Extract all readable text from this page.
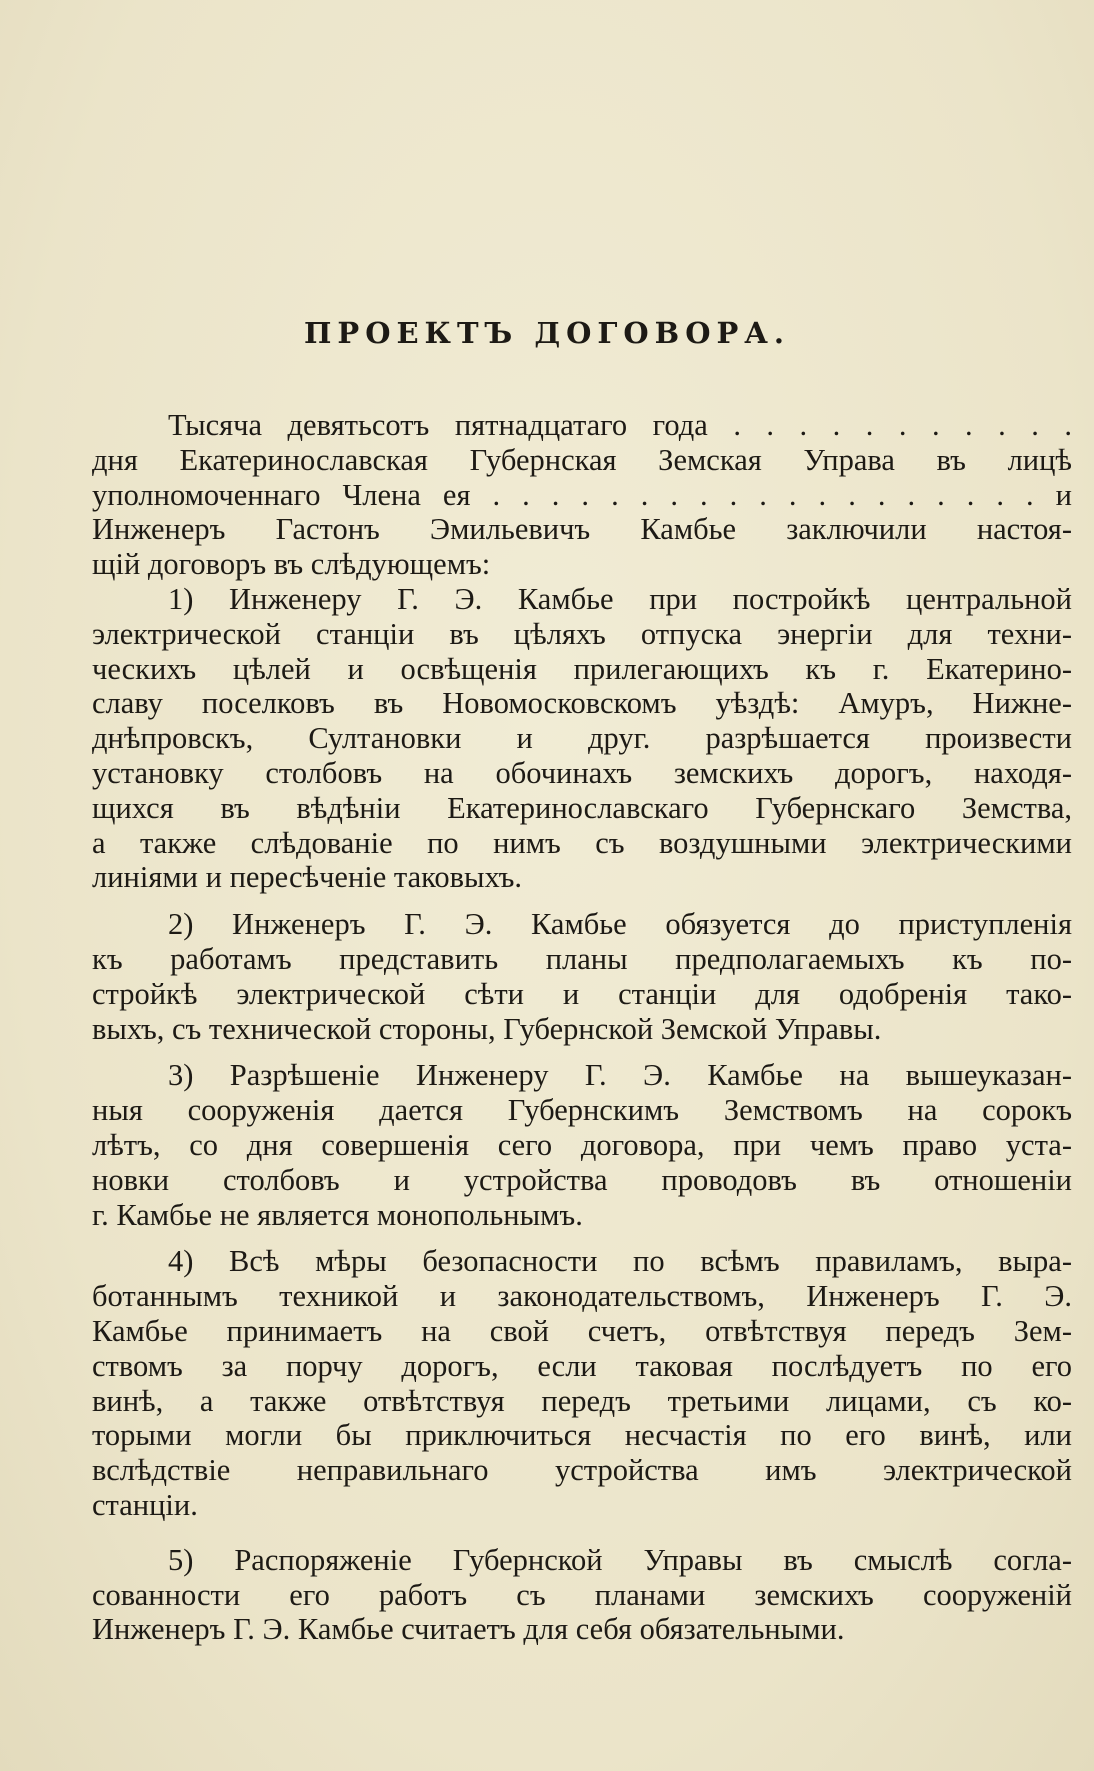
ПРОЕКТЪ ДОГОВОРА.

Тысяча девятьсотъ пятнадцатаго года . . . . . . . . . . .
дня Екатеринославская Губернская Земская Управа въ лицѣ
уполномоченнаго Члена ея . . . . . . . . . . . . . . . . . . . и
Инженеръ Гастонъ Эмильевичъ Камбье заключили настоя-
щій договоръ въ слѣдующемъ:

1) Инженеру Г. Э. Камбье при постройкѣ центральной
электрической станціи въ цѣляхъ отпуска энергіи для техни-
ческихъ цѣлей и освѣщенія прилегающихъ къ г. Екатерино-
славу поселковъ въ Новомосковскомъ уѣздѣ: Амуръ, Нижне-
днѣпровскъ, Султановки и друг. разрѣшается произвести
установку столбовъ на обочинахъ земскихъ дорогъ, находя-
щихся въ вѣдѣніи Екатеринославскаго Губернскаго Земства,
а также слѣдованіе по нимъ съ воздушными электрическими
линіями и пересѣченіе таковыхъ.

2) Инженеръ Г. Э. Камбье обязуется до приступленія
къ работамъ представить планы предполагаемыхъ къ по-
стройкѣ электрической сѣти и станціи для одобренія тако-
выхъ, съ технической стороны, Губернской Земской Управы.

3) Разрѣшеніе Инженеру Г. Э. Камбье на вышеуказан-
ныя сооруженія дается Губернскимъ Земствомъ на сорокъ
лѣтъ, со дня совершенія сего договора, при чемъ право уста-
новки столбовъ и устройства проводовъ въ отношеніи
г. Камбье не является монопольнымъ.

4) Всѣ мѣры безопасности по всѣмъ правиламъ, выра-
ботаннымъ техникой и законодательствомъ, Инженеръ Г. Э.
Камбье принимаетъ на свой счетъ, отвѣтствуя передъ Зем-
ствомъ за порчу дорогъ, если таковая послѣдуетъ по его
винѣ, а также отвѣтствуя передъ третьими лицами, съ ко-
торыми могли бы приключиться несчастія по его винѣ, или
вслѣдствіе неправильнаго устройства имъ электрической
станціи.

5) Распоряженіе Губернской Управы въ смыслѣ согла-
сованности его работъ съ планами земскихъ сооруженій
Инженеръ Г. Э. Камбье считаетъ для себя обязательными.
